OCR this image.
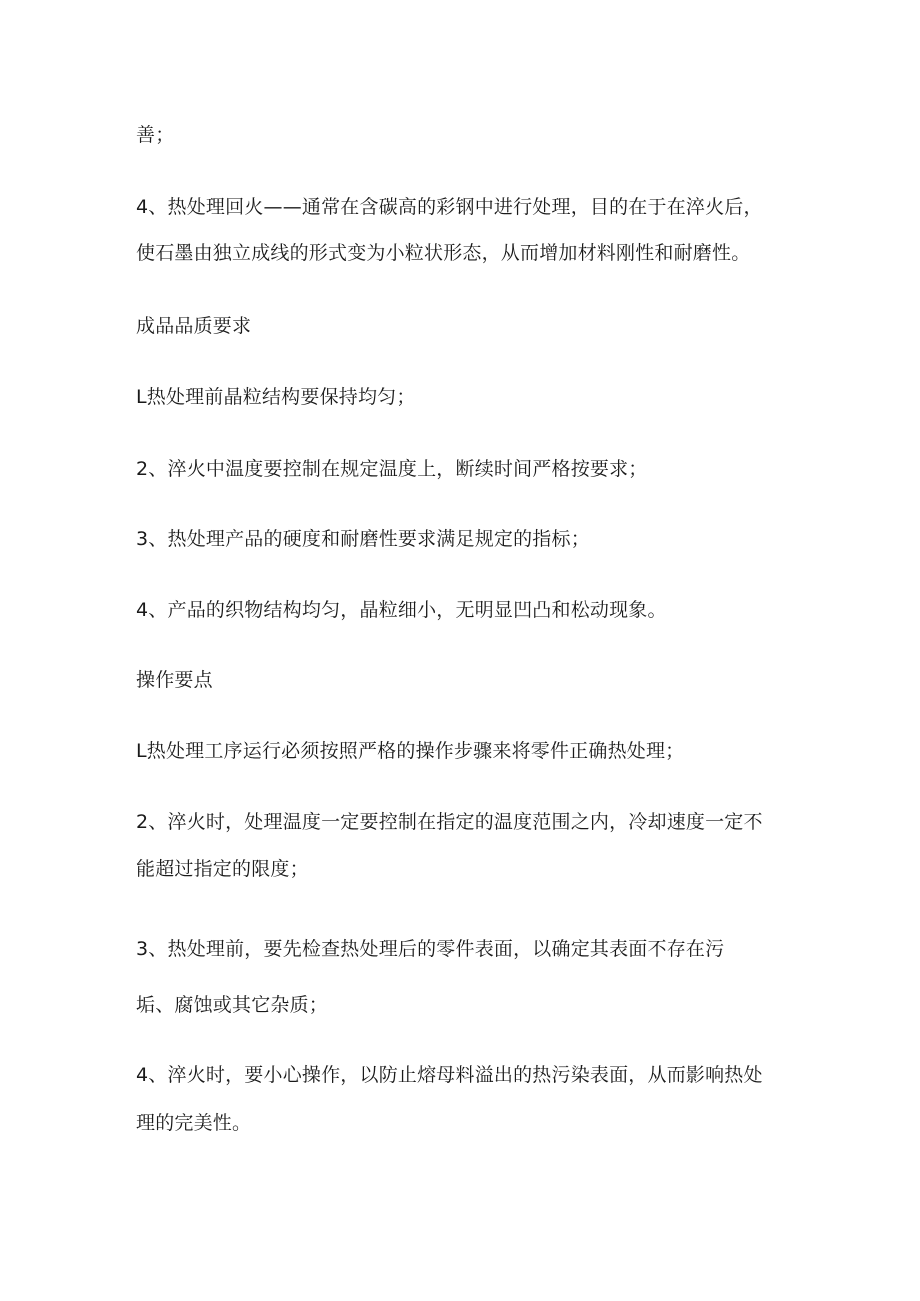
善；
4、热处理回火——通常在含碳高的彩钢中进行处理，目的在于在淬火后，
使石墨由独立成线的形式变为小粒状形态，从而增加材料刚性和耐磨性。
成品品质要求
L热处理前晶粒结构要保持均匀；
2、淬火中温度要控制在规定温度上，断续时间严格按要求；
3、热处理产品的硬度和耐磨性要求满足规定的指标；
4、产品的织物结构均匀，晶粒细小，无明显凹凸和松动现象。
操作要点
L热处理工序运行必须按照严格的操作步骤来将零件正确热处理；
2、淬火时，处理温度一定要控制在指定的温度范围之内，冷却速度一定不
能超过指定的限度；
3、热处理前，要先检查热处理后的零件表面，以确定其表面不存在污
垢、腐蚀或其它杂质；
4、淬火时，要小心操作，以防止熔母料溢出的热污染表面，从而影响热处
理的完美性。
